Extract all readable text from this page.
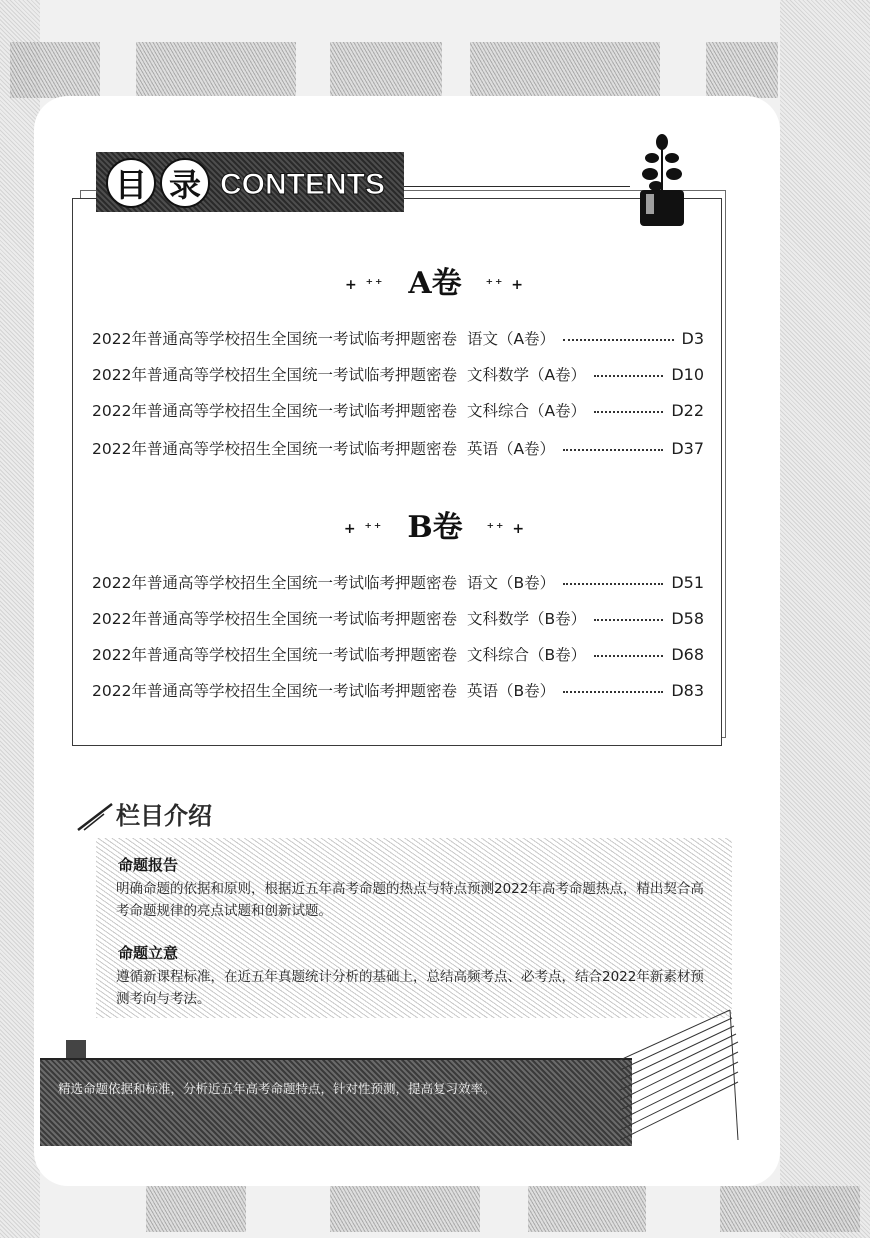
目 录 CONTENTS
+ ⁺⁺ A卷 ⁺⁺ +
2022年普通高等学校招生全国统一考试临考押题密卷 语文（A卷）	D3
2022年普通高等学校招生全国统一考试临考押题密卷 文科数学（A卷）	D10
2022年普通高等学校招生全国统一考试临考押题密卷 文科综合（A卷）	D22
2022年普通高等学校招生全国统一考试临考押题密卷 英语（A卷）	D37
+ ⁺⁺ B卷 ⁺⁺ +
2022年普通高等学校招生全国统一考试临考押题密卷 语文（B卷）	D51
2022年普通高等学校招生全国统一考试临考押题密卷 文科数学（B卷）	D58
2022年普通高等学校招生全国统一考试临考押题密卷 文科综合（B卷）	D68
2022年普通高等学校招生全国统一考试临考押题密卷 英语（B卷）	D83
栏目介绍
命题报告
明确命题的依据和原则，根据近五年高考命题的热点与特点预测2022年高考命题热点，精出契合高考命题规律的亮点试题和创新试题。
命题立意
遵循新课程标准，在近五年真题统计分析的基础上，总结高频考点、必考点，结合2022年新素材预测考向与考法。
精选命题依据和标准，分析近五年高考命题特点，针对性预测，提高复习效率。
